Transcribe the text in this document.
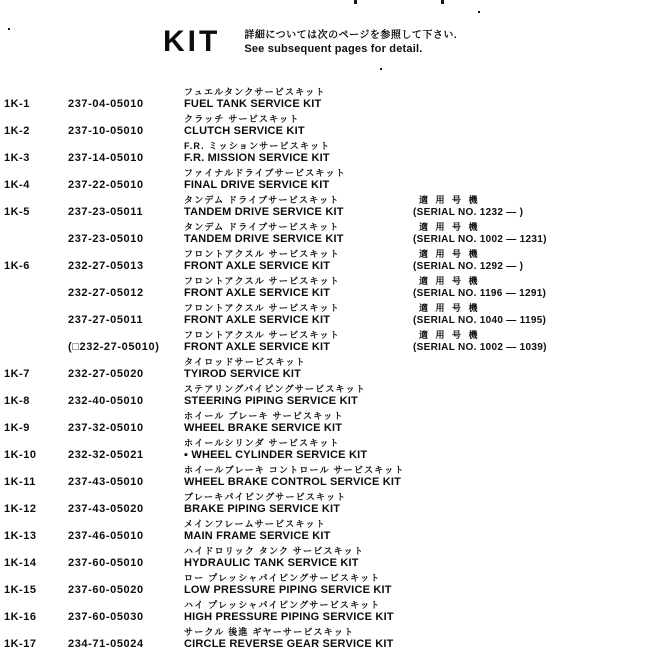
KIT 詳細については次のページを参照して下さい.
See subsequent pages for detail.
1K-1	237-04-05010
フュエルタンクサービスキット
FUEL TANK SERVICE KIT
1K-2	237-10-05010
クラッチ サービスキット
CLUTCH SERVICE KIT
1K-3	237-14-05010
F.R. ミッションサービスキット
F.R. MISSION SERVICE KIT
1K-4	237-22-05010
ファイナルドライブサービスキット
FINAL DRIVE SERVICE KIT
1K-5	237-23-05011
タンデム ドライブサービスキット
TANDEM DRIVE SERVICE KIT
適 用 号 機
(SERIAL NO. 1232 — )
237-23-05010
タンデム ドライブサービスキット
TANDEM DRIVE SERVICE KIT
適 用 号 機
(SERIAL NO. 1002 — 1231)
1K-6	232-27-05013
フロントアクスル サービスキット
FRONT AXLE SERVICE KIT
適 用 号 機
(SERIAL NO. 1292 — )
232-27-05012
フロントアクスル サービスキット
FRONT AXLE SERVICE KIT
適 用 号 機
(SERIAL NO. 1196 — 1291)
237-27-05011
フロントアクスル サービスキット
FRONT AXLE SERVICE KIT
適 用 号 機
(SERIAL NO. 1040 — 1195)
(□232-27-05010)
フロントアクスル サービスキット
FRONT AXLE SERVICE KIT
適 用 号 機
(SERIAL NO. 1002 — 1039)
1K-7	232-27-05020
タイロッドサービスキット
TYIROD SERVICE KIT
1K-8	232-40-05010
ステアリングパイピングサービスキット
STEERING PIPING SERVICE KIT
1K-9	237-32-05010
ホイール ブレーキ サービスキット
WHEEL BRAKE SERVICE KIT
1K-10	232-32-05021
ホイールシリンダ サービスキット
▪ WHEEL CYLINDER SERVICE KIT
1K-11	237-43-05010
ホイールブレーキ コントロール サービスキット
WHEEL BRAKE CONTROL SERVICE KIT
1K-12	237-43-05020
ブレーキパイピングサービスキット
BRAKE PIPING SERVICE KIT
1K-13	237-46-05010
メインフレームサービスキット
MAIN FRAME SERVICE KIT
1K-14	237-60-05010
ハイドロリック タンク サービスキット
HYDRAULIC TANK SERVICE KIT
1K-15	237-60-05020
ロー プレッシャパイピングサービスキット
LOW PRESSURE PIPING SERVICE KIT
1K-16	237-60-05030
ハイ プレッシャパイピングサービスキット
HIGH PRESSURE PIPING SERVICE KIT
1K-17	234-71-05024
サークル 後進 ギヤーサービスキット
CIRCLE REVERSE GEAR SERVICE KIT
